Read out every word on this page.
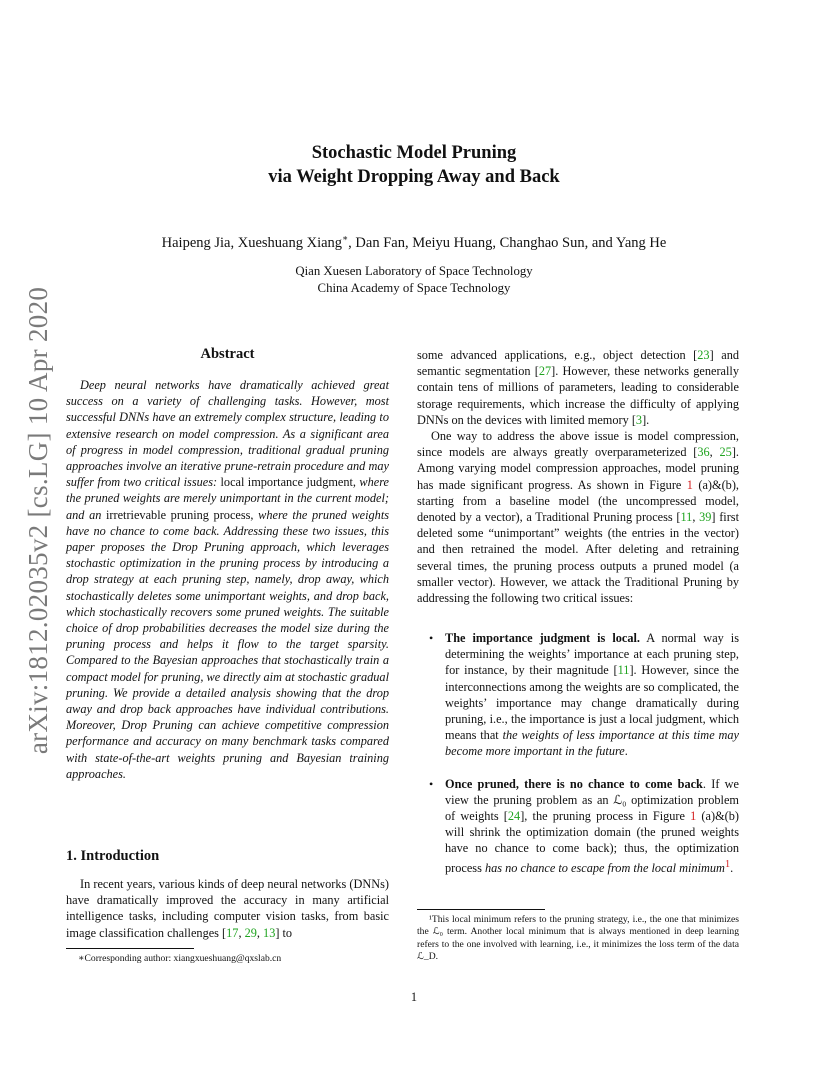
arXiv:1812.02035v2 [cs.LG] 10 Apr 2020
Stochastic Model Pruning
via Weight Dropping Away and Back
Haipeng Jia, Xueshuang Xiang∗, Dan Fan, Meiyu Huang, Changhao Sun, and Yang He
Qian Xuesen Laboratory of Space Technology
China Academy of Space Technology
Abstract
Deep neural networks have dramatically achieved great success on a variety of challenging tasks. However, most successful DNNs have an extremely complex structure, leading to extensive research on model compression. As a significant area of progress in model compression, traditional gradual pruning approaches involve an iterative prune-retrain procedure and may suffer from two critical issues: local importance judgment, where the pruned weights are merely unimportant in the current model; and an irretrievable pruning process, where the pruned weights have no chance to come back. Addressing these two issues, this paper proposes the Drop Pruning approach, which leverages stochastic optimization in the pruning process by introducing a drop strategy at each pruning step, namely, drop away, which stochastically deletes some unimportant weights, and drop back, which stochastically recovers some pruned weights. The suitable choice of drop probabilities decreases the model size during the pruning process and helps it flow to the target sparsity. Compared to the Bayesian approaches that stochastically train a compact model for pruning, we directly aim at stochastic gradual pruning. We provide a detailed analysis showing that the drop away and drop back approaches have individual contributions. Moreover, Drop Pruning can achieve competitive compression performance and accuracy on many benchmark tasks compared with state-of-the-art weights pruning and Bayesian training approaches.
1. Introduction
In recent years, various kinds of deep neural networks (DNNs) have dramatically improved the accuracy in many artificial intelligence tasks, including computer vision tasks, from basic image classification challenges [17, 29, 13] to
∗Corresponding author: xiangxueshuang@qxslab.cn
some advanced applications, e.g., object detection [23] and semantic segmentation [27]. However, these networks generally contain tens of millions of parameters, leading to considerable storage requirements, which increase the difficulty of applying DNNs on the devices with limited memory [3].
One way to address the above issue is model compression, since models are always greatly overparameterized [36, 25]. Among varying model compression approaches, model pruning has made significant progress. As shown in Figure 1 (a)&(b), starting from a baseline model (the uncompressed model, denoted by a vector), a Traditional Pruning process [11, 39] first deleted some “unimportant” weights (the entries in the vector) and then retrained the model. After deleting and retraining several times, the pruning process outputs a pruned model (a smaller vector). However, we attack the Traditional Pruning by addressing the following two critical issues:
• The importance judgment is local. A normal way is determining the weights’ importance at each pruning step, for instance, by their magnitude [11]. However, since the interconnections among the weights are so complicated, the weights’ importance may change dramatically during pruning, i.e., the importance is just a local judgment, which means that the weights of less importance at this time may become more important in the future.
• Once pruned, there is no chance to come back. If we view the pruning problem as an ℒ₀ optimization problem of weights [24], the pruning process in Figure 1 (a)&(b) will shrink the optimization domain (the pruned weights have no chance to come back); thus, the optimization process has no chance to escape from the local minimum$^1$.
¹This local minimum refers to the pruning strategy, i.e., the one that minimizes the ℒ₀ term. Another local minimum that is always mentioned in deep learning refers to the one involved with learning, i.e., it minimizes the loss term of the data ℒ_D.
1
